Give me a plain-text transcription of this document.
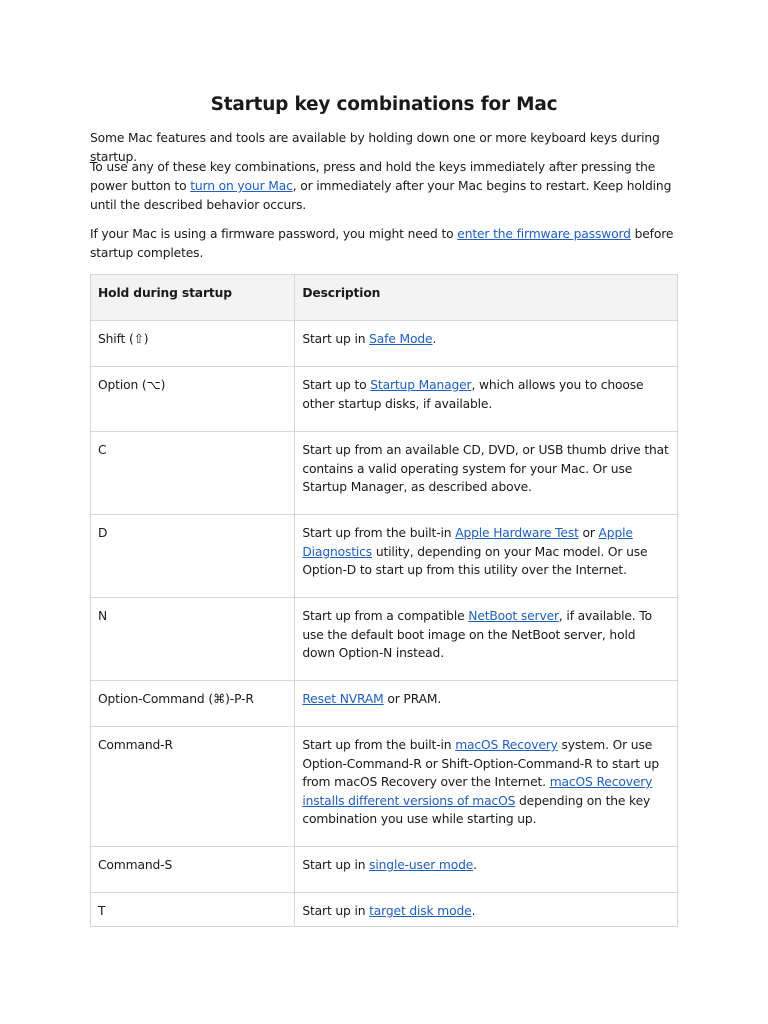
Startup key combinations for Mac

Some Mac features and tools are available by holding down one or more keyboard keys during startup.

To use any of these key combinations, press and hold the keys immediately after pressing the power button to turn on your Mac, or immediately after your Mac begins to restart. Keep holding until the described behavior occurs.

If your Mac is using a firmware password, you might need to enter the firmware password before startup completes.

Hold during startup	Description
Shift (⇧)	Start up in Safe Mode.
Option (⌥)	Start up to Startup Manager, which allows you to choose other startup disks, if available.
C	Start up from an available CD, DVD, or USB thumb drive that contains a valid operating system for your Mac. Or use Startup Manager, as described above.
D	Start up from the built-in Apple Hardware Test or Apple Diagnostics utility, depending on your Mac model. Or use Option-D to start up from this utility over the Internet.
N	Start up from a compatible NetBoot server, if available. To use the default boot image on the NetBoot server, hold down Option-N instead.
Option-Command (⌘)-P-R	Reset NVRAM or PRAM.
Command-R	Start up from the built-in macOS Recovery system. Or use Option-Command-R or Shift-Option-Command-R to start up from macOS Recovery over the Internet. macOS Recovery installs different versions of macOS depending on the key combination you use while starting up.
Command-S	Start up in single-user mode.
T	Start up in target disk mode.
